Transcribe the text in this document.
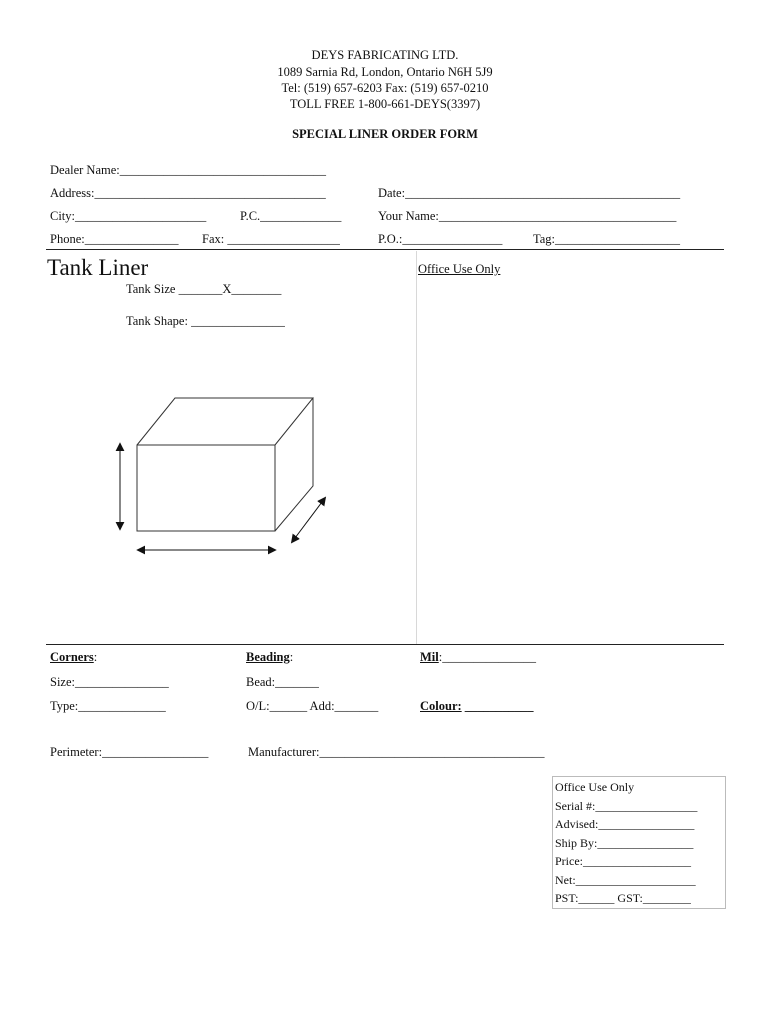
DEYS FABRICATING LTD.
1089 Sarnia Rd, London, Ontario N6H 5J9
Tel: (519) 657-6203 Fax: (519) 657-0210
TOLL FREE 1-800-661-DEYS(3397)
SPECIAL LINER ORDER FORM
Dealer Name:_________________________________
Address:_____________________________________	Date:____________________________________________
City:_____________________	P.C._____________	Your Name:______________________________________
Phone:_______________ Fax: __________________	P.O.:________________ Tag:____________________
Tank Liner
Tank Size _______X________
Tank Shape: _______________
Office Use Only
Corners:
Size:_______________
Type:______________
Beading:
Bead:_______
O/L:______ Add:_______
Mil:_______________
Colour: ___________
Perimeter:_________________	Manufacturer:____________________________________
Office Use Only
Serial #:_________________
Advised:________________
Ship By:________________
Price:__________________
Net:____________________
PST:______ GST:________
